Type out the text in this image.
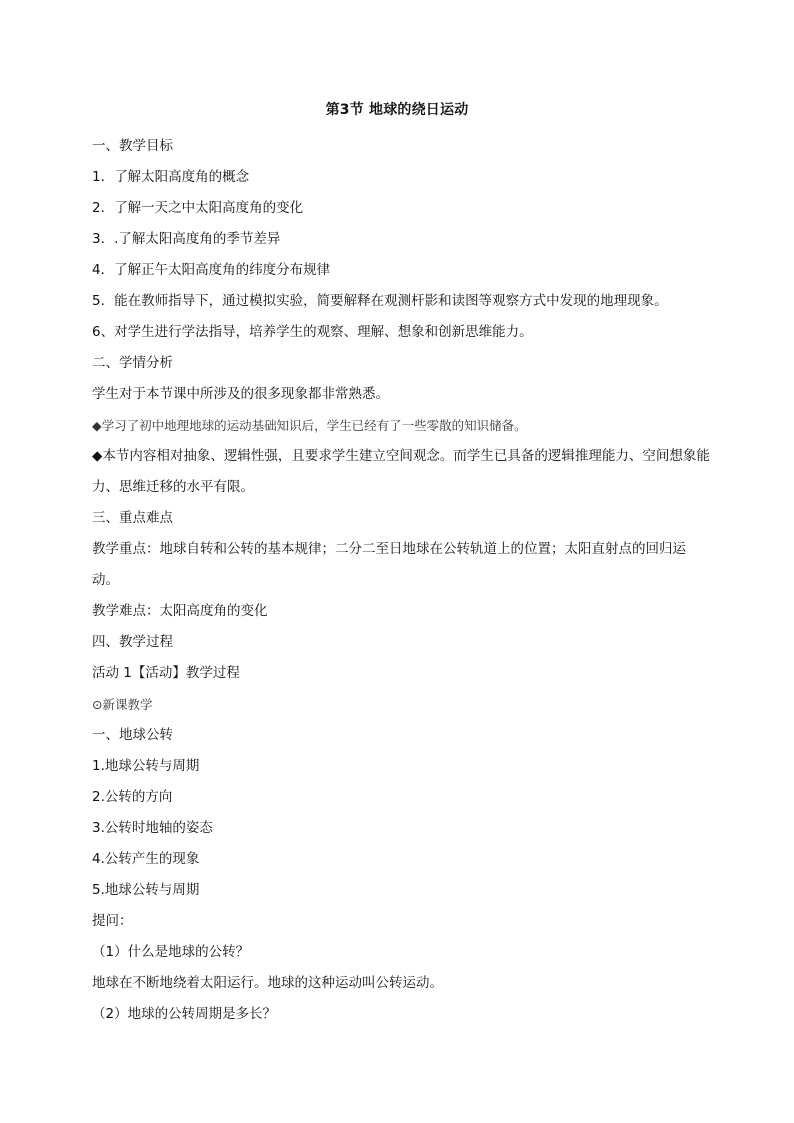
第3节 地球的绕日运动
一、教学目标
1．了解太阳高度角的概念
2．了解一天之中太阳高度角的变化
3．.了解太阳高度角的季节差异
4．了解正午太阳高度角的纬度分布规律
5．能在教师指导下，通过模拟实验，简要解释在观测杆影和读图等观察方式中发现的地理现象。
6、对学生进行学法指导，培养学生的观察、理解、想象和创新思维能力。
二、学情分析
学生对于本节课中所涉及的很多现象都非常熟悉。
◆学习了初中地理地球的运动基础知识后，学生已经有了一些零散的知识储备。
◆本节内容相对抽象、逻辑性强，且要求学生建立空间观念。而学生已具备的逻辑推理能力、空间想象能力、思维迁移的水平有限。
三、重点难点
教学重点：地球自转和公转的基本规律；二分二至日地球在公转轨道上的位置；太阳直射点的回归运动。
教学难点：太阳高度角的变化
四、教学过程
活动 1【活动】教学过程
⊙新课教学
一、地球公转
1.地球公转与周期
2.公转的方向
3.公转时地轴的姿态
4.公转产生的现象
5.地球公转与周期
提问：
（1）什么是地球的公转？
地球在不断地绕着太阳运行。地球的这种运动叫公转运动。
（2）地球的公转周期是多长？
